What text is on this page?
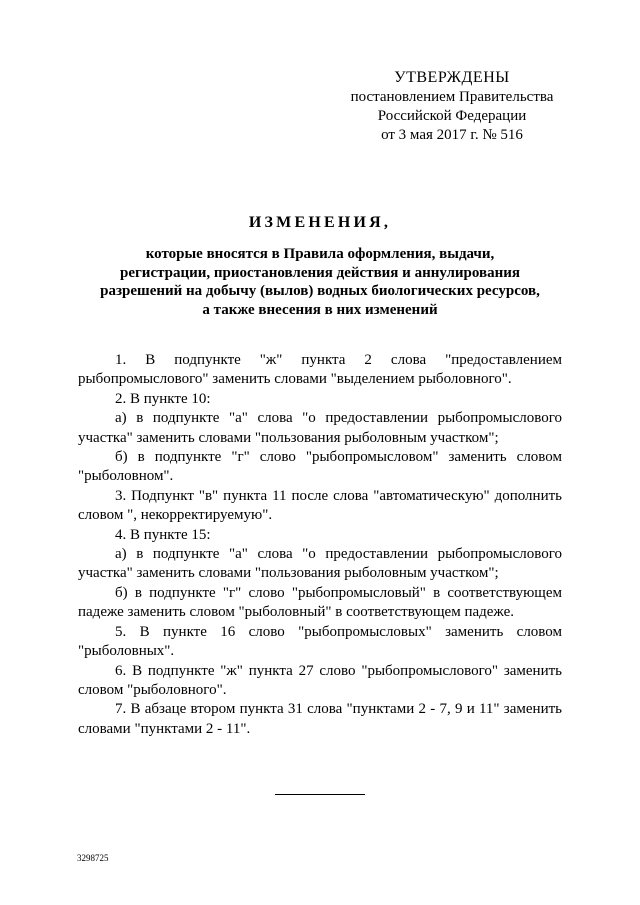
УТВЕРЖДЕНЫ
постановлением Правительства
Российской Федерации
от 3 мая 2017 г. № 516
ИЗМЕНЕНИЯ,
которые вносятся в Правила оформления, выдачи,
регистрации, приостановления действия и аннулирования
разрешений на добычу (вылов) водных биологических ресурсов,
а также внесения в них изменений

1. В подпункте "ж" пункта 2 слова "предоставлением рыбопромыслового" заменить словами "выделением рыболовного".

2. В пункте 10:

а) в подпункте "а" слова "о предоставлении рыбопромыслового участка" заменить словами "пользования рыболовным участком";

б) в подпункте "г" слово "рыбопромысловом" заменить словом "рыболовном".

3. Подпункт "в" пункта 11 после слова "автоматическую" дополнить словом ", некорректируемую".

4. В пункте 15:

а) в подпункте "а" слова "о предоставлении рыбопромыслового участка" заменить словами "пользования рыболовным участком";

б) в подпункте "г" слово "рыбопромысловый" в соответствующем падеже заменить словом "рыболовный" в соответствующем падеже.

5. В пункте 16 слово "рыбопромысловых" заменить словом "рыболовных".

6. В подпункте "ж" пункта 27 слово "рыбопромыслового" заменить словом "рыболовного".

7. В абзаце втором пункта 31 слова "пунктами 2 - 7, 9 и 11" заменить словами "пунктами 2 - 11".

3298725
